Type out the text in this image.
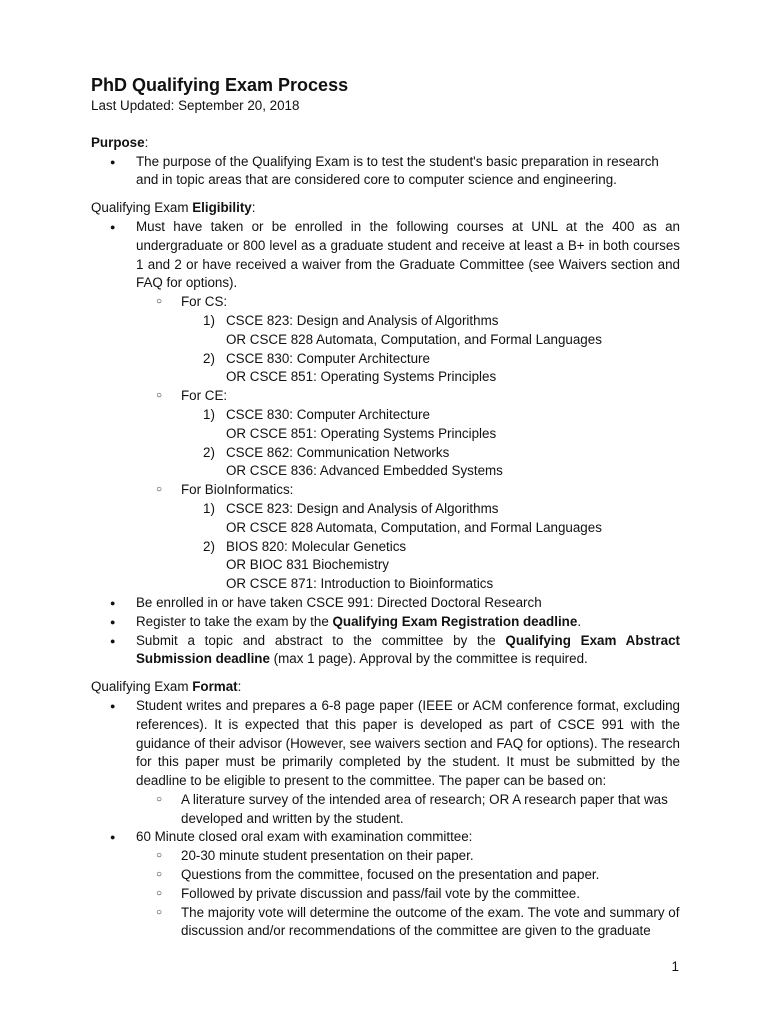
PhD Qualifying Exam Process
Last Updated: September 20, 2018
Purpose:
● The purpose of the Qualifying Exam is to test the student's basic preparation in research and in topic areas that are considered core to computer science and engineering.
Qualifying Exam Eligibility:
● Must have taken or be enrolled in the following courses at UNL at the 400 as an undergraduate or 800 level as a graduate student and receive at least a B+ in both courses 1 and 2 or have received a waiver from the Graduate Committee (see Waivers section and FAQ for options).
○ For CS:
1) CSCE 823: Design and Analysis of Algorithms
OR CSCE 828 Automata, Computation, and Formal Languages
2) CSCE 830: Computer Architecture
OR CSCE 851: Operating Systems Principles
○ For CE:
1) CSCE 830: Computer Architecture
OR CSCE 851: Operating Systems Principles
2) CSCE 862: Communication Networks
OR CSCE 836: Advanced Embedded Systems
○ For BioInformatics:
1) CSCE 823: Design and Analysis of Algorithms
OR CSCE 828 Automata, Computation, and Formal Languages
2) BIOS 820: Molecular Genetics
OR BIOC 831 Biochemistry
OR CSCE 871: Introduction to Bioinformatics
● Be enrolled in or have taken CSCE 991: Directed Doctoral Research
● Register to take the exam by the Qualifying Exam Registration deadline.
● Submit a topic and abstract to the committee by the Qualifying Exam Abstract Submission deadline (max 1 page). Approval by the committee is required.
Qualifying Exam Format:
● Student writes and prepares a 6-8 page paper (IEEE or ACM conference format, excluding references). It is expected that this paper is developed as part of CSCE 991 with the guidance of their advisor (However, see waivers section and FAQ for options). The research for this paper must be primarily completed by the student. It must be submitted by the deadline to be eligible to present to the committee. The paper can be based on:
○ A literature survey of the intended area of research; OR A research paper that was developed and written by the student.
● 60 Minute closed oral exam with examination committee:
○ 20-30 minute student presentation on their paper.
○ Questions from the committee, focused on the presentation and paper.
○ Followed by private discussion and pass/fail vote by the committee.
○ The majority vote will determine the outcome of the exam. The vote and summary of discussion and/or recommendations of the committee are given to the graduate
1
